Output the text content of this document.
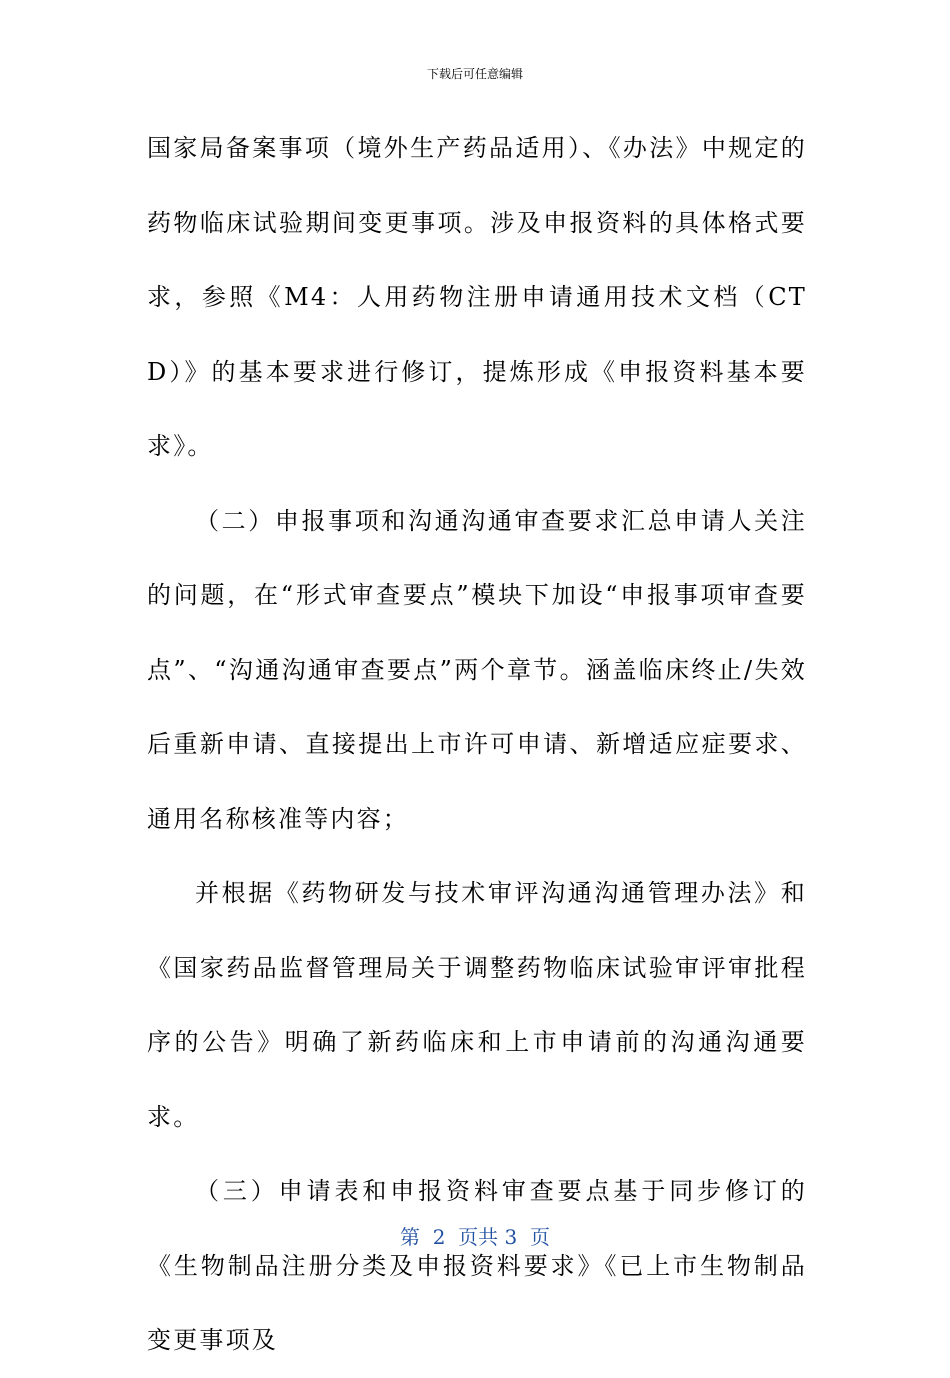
下载后可任意编辑

国家局备案事项（境外生产药品适用）、《办法》中规定的药物临床试验期间变更事项。涉及申报资料的具体格式要求，参照《M4：人用药物注册申请通用技术文档（CTD）》的基本要求进行修订，提炼形成《申报资料基本要求》。

（二）申报事项和沟通沟通审查要求汇总申请人关注的问题，在“形式审查要点”模块下加设“申报事项审查要点”、“沟通沟通审查要点”两个章节。涵盖临床终止/失效后重新申请、直接提出上市许可申请、新增适应症要求、通用名称核准等内容；

并根据《药物研发与技术审评沟通沟通管理办法》和《国家药品监督管理局关于调整药物临床试验审评审批程序的公告》明确了新药临床和上市申请前的沟通沟通要求。

（三）申请表和申报资料审查要点基于同步修订的《生物制品注册分类及申报资料要求》《已上市生物制品变更事项及

第  2  页共 3  页
